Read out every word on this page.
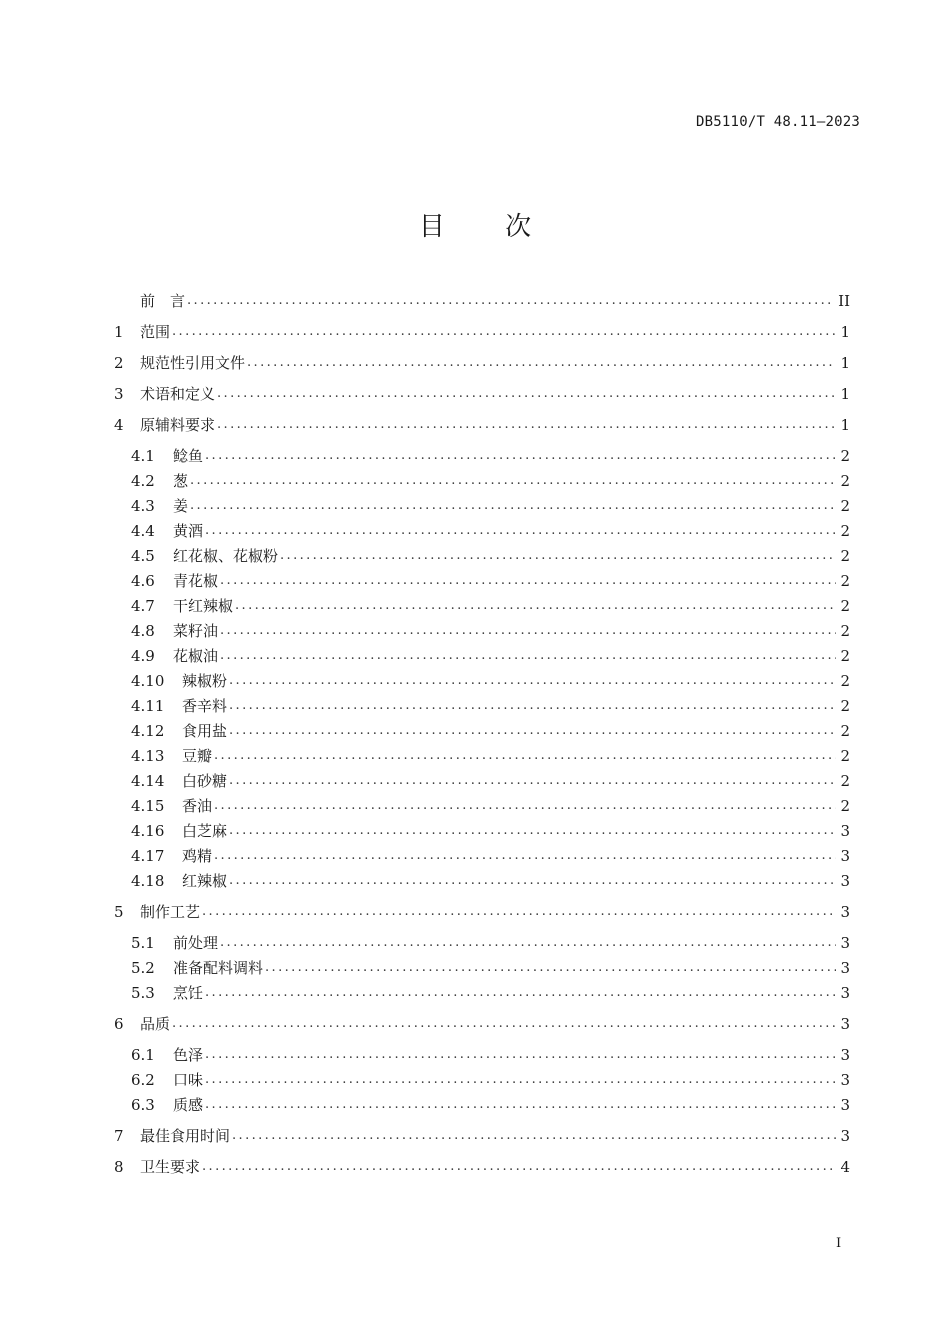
DB5110/T 48.11—2023
目 次
前　言 .....	II
1	范围 .....	1
2	规范性引用文件 .....	1
3	术语和定义 .....	1
4	原辅料要求 .....	1
4.1	鲶鱼 .....	2
4.2	葱 .....	2
4.3	姜 .....	2
4.4	黄酒 .....	2
4.5	红花椒、花椒粉 .....	2
4.6	青花椒 .....	2
4.7	干红辣椒 .....	2
4.8	菜籽油 .....	2
4.9	花椒油 .....	2
4.10	辣椒粉 .....	2
4.11	香辛料 .....	2
4.12	食用盐 .....	2
4.13	豆瓣 .....	2
4.14	白砂糖 .....	2
4.15	香油 .....	2
4.16	白芝麻 .....	3
4.17	鸡精 .....	3
4.18	红辣椒 .....	3
5	制作工艺 .....	3
5.1	前处理 .....	3
5.2	准备配料调料 .....	3
5.3	烹饪 .....	3
6	品质 .....	3
6.1	色泽 .....	3
6.2	口味 .....	3
6.3	质感 .....	3
7	最佳食用时间 .....	3
8	卫生要求 .....	4
I
